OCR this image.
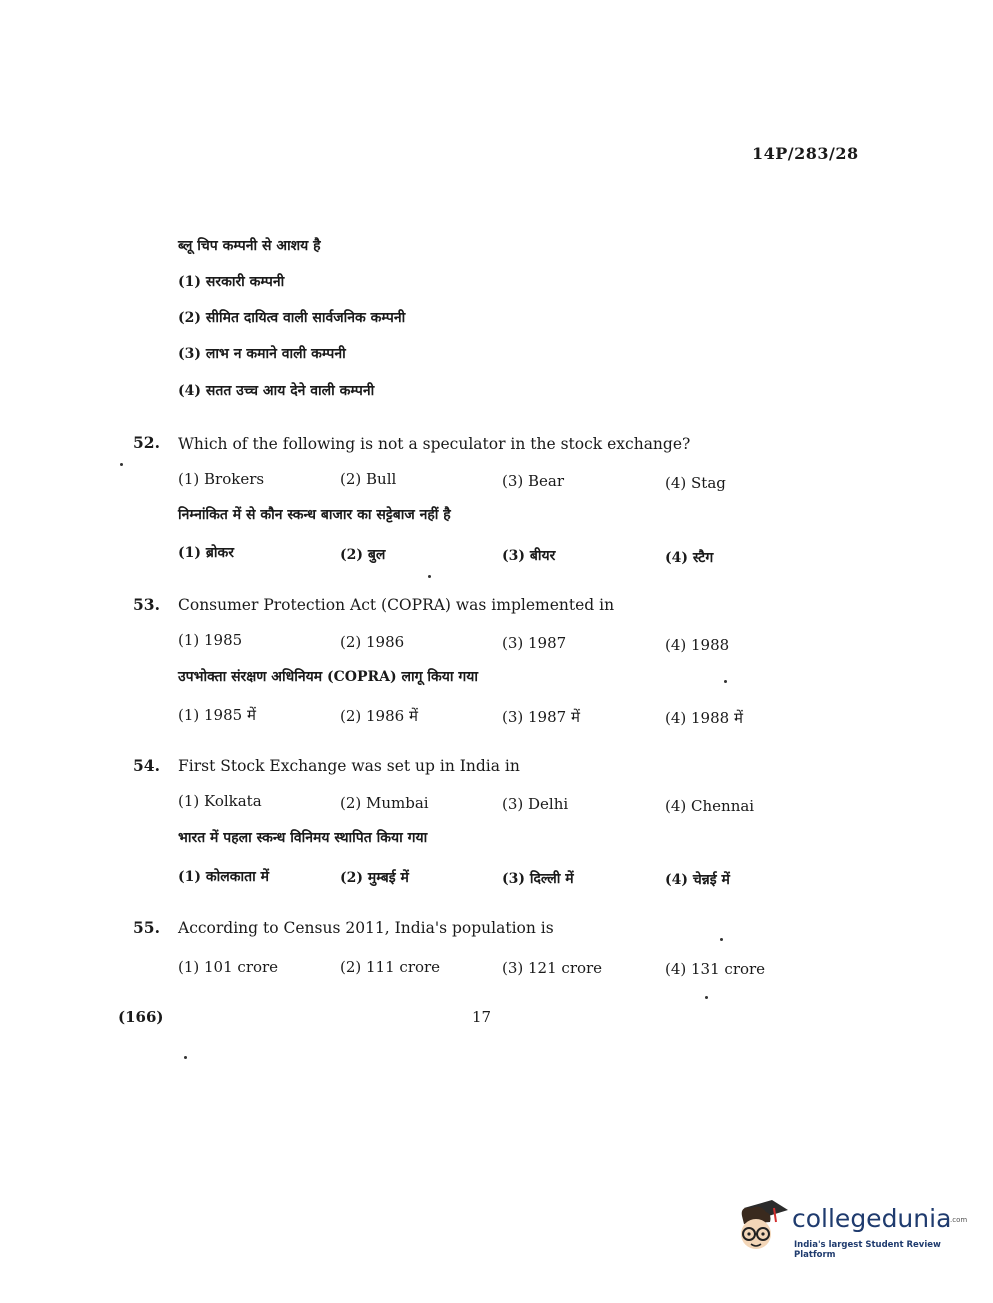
14P/283/28
ब्लू चिप कम्पनी से आशय है
(1) सरकारी कम्पनी
(2) सीमित दायित्व वाली सार्वजनिक कम्पनी
(3) लाभ न कमाने वाली कम्पनी
(4) सतत उच्च आय देने वाली कम्पनी
52. Which of the following is not a speculator in the stock exchange?
(1) Brokers	(2) Bull	(3) Bear	(4) Stag
निम्नांकित में से कौन स्कन्ध बाजार का सट्टेबाज नहीं है
(1) ब्रोकर	(2) बुल	(3) बीयर	(4) स्टैग
53. Consumer Protection Act (COPRA) was implemented in
(1) 1985	(2) 1986	(3) 1987	(4) 1988
उपभोक्ता संरक्षण अधिनियम (COPRA) लागू किया गया
(1) 1985 में	(2) 1986 में	(3) 1987 में	(4) 1988 में
54. First Stock Exchange was set up in India in
(1) Kolkata	(2) Mumbai	(3) Delhi	(4) Chennai
भारत में पहला स्कन्ध विनिमय स्थापित किया गया
(1) कोलकाता में	(2) मुम्बई में	(3) दिल्ली में	(4) चेन्नई में
55. According to Census 2011, India's population is
(1) 101 crore	(2) 111 crore	(3) 121 crore	(4) 131 crore
(166)	17
collegedunia
.com
India's largest Student Review Platform
